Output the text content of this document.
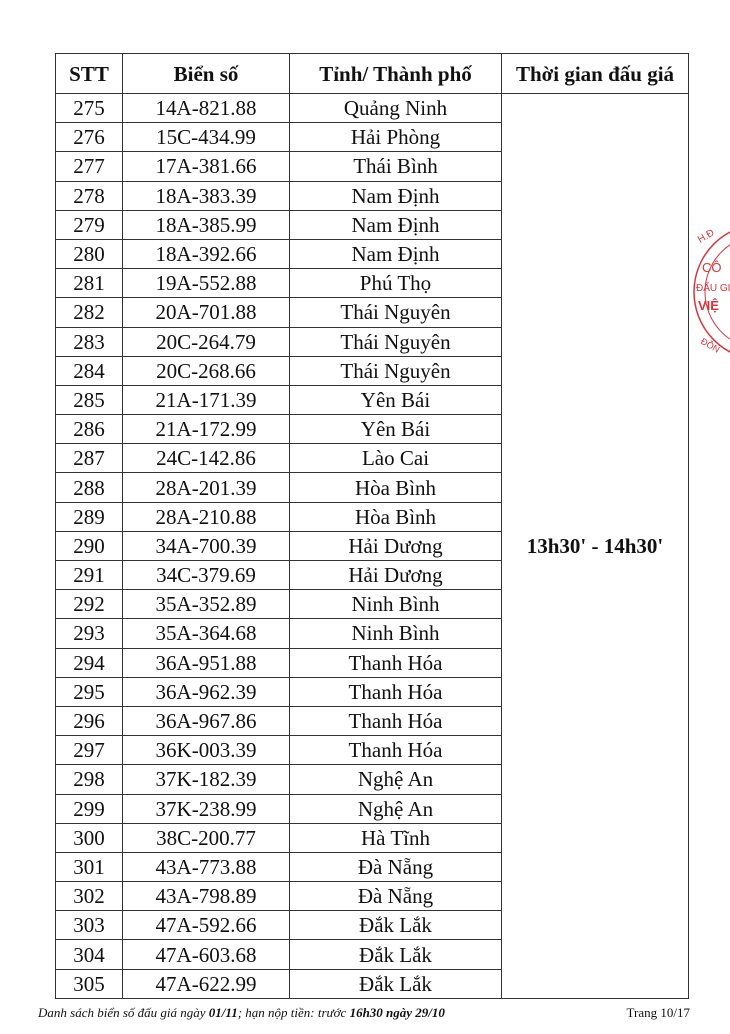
STT	Biển số	Tỉnh/ Thành phố	Thời gian đấu giá
275	14A-821.88	Quảng Ninh	13h30' - 14h30'
276	15C-434.99	Hải Phòng	
277	17A-381.66	Thái Bình	
278	18A-383.39	Nam Định	
279	18A-385.99	Nam Định	
280	18A-392.66	Nam Định	
281	19A-552.88	Phú Thọ	
282	20A-701.88	Thái Nguyên	
283	20C-264.79	Thái Nguyên	
284	20C-268.66	Thái Nguyên	
285	21A-171.39	Yên Bái	
286	21A-172.99	Yên Bái	
287	24C-142.86	Lào Cai	
288	28A-201.39	Hòa Bình	
289	28A-210.88	Hòa Bình	
290	34A-700.39	Hải Dương	
291	34C-379.69	Hải Dương	
292	35A-352.89	Ninh Bình	
293	35A-364.68	Ninh Bình	
294	36A-951.88	Thanh Hóa	
295	36A-962.39	Thanh Hóa	
296	36A-967.86	Thanh Hóa	
297	36K-003.39	Thanh Hóa	
298	37K-182.39	Nghệ An	
299	37K-238.99	Nghệ An	
300	38C-200.77	Hà Tĩnh	
301	43A-773.88	Đà Nẵng	
302	43A-798.89	Đà Nẵng	
303	47A-592.66	Đắk Lắk	
304	47A-603.68	Đắk Lắk	
305	47A-622.99	Đắk Lắk	
H.Đ
CÔ
ĐẤU GI
VIỆ
ĐỒN
Danh sách biển số đấu giá ngày 01/11; hạn nộp tiền: trước 16h30 ngày 29/10	Trang 10/17
